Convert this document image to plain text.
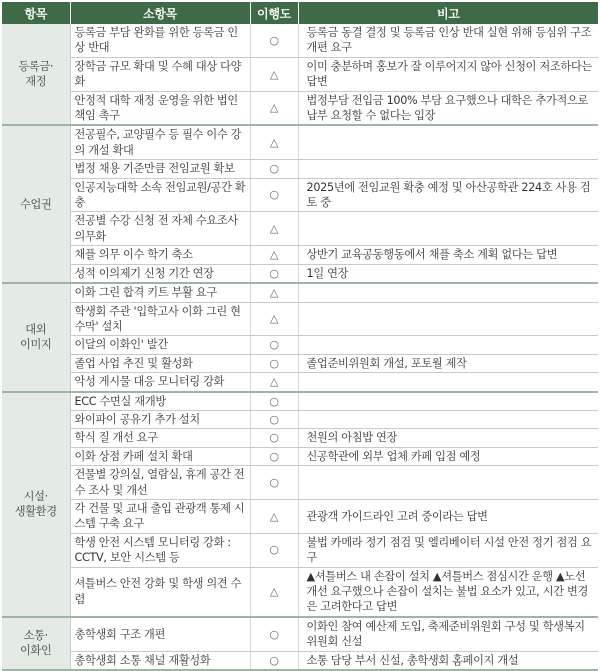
항목	소항목	이행도	비고
등록금·
재정	등록금 부담 완화를 위한 등록금 인상 반대	○	등록금 동결 결정 및 등록금 인상 반대 실현 위해 등심위 구조 개편 요구
	장학금 규모 확대 및 수혜 대상 다양화	△	이미 충분하며 홍보가 잘 이루어지지 않아 신청이 저조하다는 답변
	안정적 대학 재정 운영을 위한 법인 책임 촉구	△	법정부담 전입금 100% 부담 요구했으나 대학은 추가적으로 납부 요청할 수 없다는 입장
수업권	전공필수, 교양필수 등 필수 이수 강의 개설 확대	△	
	법정 채용 기준만큼 전임교원 확보	○	
	인공지능대학 소속 전임교원/공간 확충	○	2025년에 전임교원 확충 예정 및 아산공학관 224호 사용 검토 중
	전공별 수강 신청 전 자체 수요조사 의무화	△	
	채플 의무 이수 학기 축소	△	상반기 교육공동행동에서 채플 축소 계획 없다는 답변
	성적 이의제기 신청 기간 연장	○	1일 연장
대외
이미지	이화 그린 합격 키트 부활 요구	△	
	학생회 주관 '입학고사 이화 그린 현수막' 설치	△	
	이달의 이화인' 발간	○	
	졸업 사업 추진 및 활성화	○	졸업준비위원회 개설, 포토월 제작
	악성 게시물 대응 모니터링 강화	△	
시설·
생활환경	ECC 수면실 재개방	○	
	와이파이 공유기 추가 설치	○	
	학식 질 개선 요구	○	천원의 아침밥 연장
	이화 상점 카페 설치 확대	○	신공학관에 외부 업체 카페 입점 예정
	건물별 강의실, 열람실, 휴게 공간 전수 조사 및 개선	○	
	각 건물 및 교내 출입 관광객 통제 시스템 구축 요구	△	관광객 가이드라인 고려 중이라는 답변
	학생 안전 시스템 모니터링 강화 : CCTV, 보안 시스템 등	○	불법 카메라 정기 점검 및 엘리베이터 시설 안전 정기 점검 요구
	셔틀버스 안전 강화 및 학생 의견 수렴	△	▲셔틀버스 내 손잡이 설치 ▲셔틀버스 점심시간 운행 ▲노선 개선 요구했으나 손잡이 설치는 불법 요소가 있고, 시간 변경은 고려한다고 답변
소통·
이화인	총학생회 구조 개편	○	이화인 참여 예산제 도입, 축제준비위원회 구성 및 학생복지위원회 신설
	총학생회 소통 채널 재활성화	○	소통 담당 부서 신설, 총학생회 홈페이지 개설
